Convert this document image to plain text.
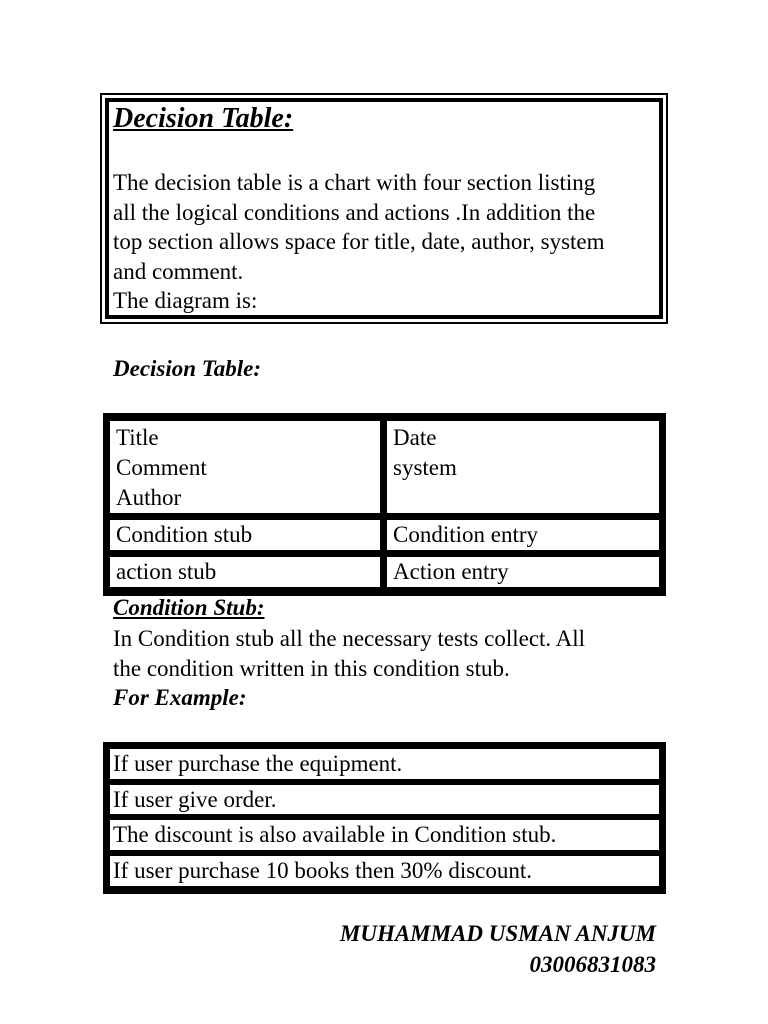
Decision Table:
The decision table is a chart with four section listing
all the logical conditions and actions .In addition the
top section allows space for title, date, author, system
and comment.
The diagram is:
Decision Table:
Title
Comment
Author
Date
system
Condition stub	Condition entry
action stub	Action entry
Condition Stub:
In Condition stub all the necessary tests collect. All
the condition written in this condition stub.
For Example:
If user purchase the equipment.
If user give order.
The discount is also available in Condition stub.
If user purchase 10 books then 30% discount.
MUHAMMAD USMAN ANJUM
03006831083
